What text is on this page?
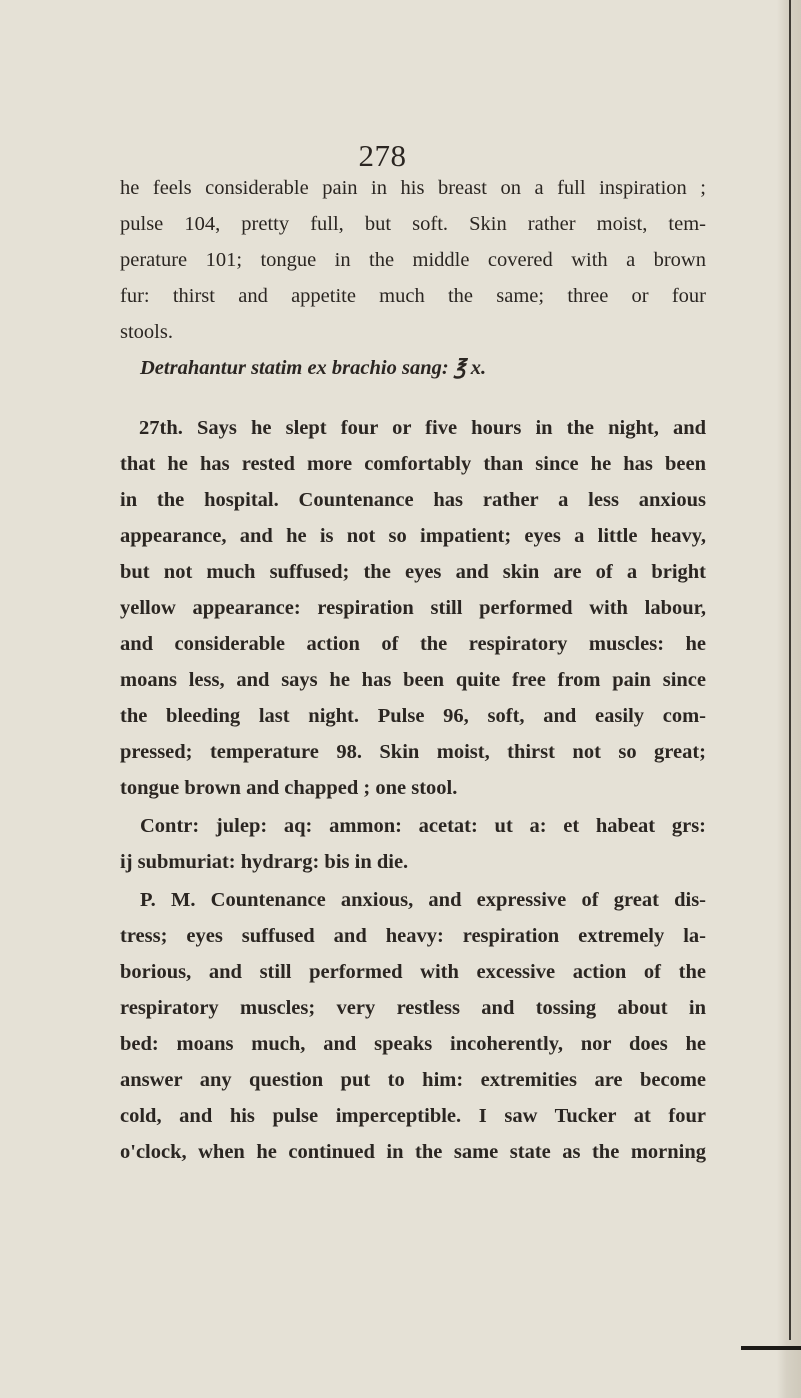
278
he feels considerable pain in his breast on a full inspiration ;
pulse 104, pretty full, but soft. Skin rather moist, tem-
perature 101; tongue in the middle covered with a brown
fur: thirst and appetite much the same; three or four
stools.
Detrahantur statim ex brachio sang: ℥ x.
27th. Says he slept four or five hours in the night, and
that he has rested more comfortably than since he has been
in the hospital. Countenance has rather a less anxious
appearance, and he is not so impatient; eyes a little heavy,
but not much suffused; the eyes and skin are of a bright
yellow appearance: respiration still performed with labour,
and considerable action of the respiratory muscles: he
moans less, and says he has been quite free from pain since
the bleeding last night. Pulse 96, soft, and easily com-
pressed; temperature 98. Skin moist, thirst not so great;
tongue brown and chapped ; one stool.
Contr: julep: aq: ammon: acetat: ut a: et habeat grs:
ij submuriat: hydrarg: bis in die.
P. M. Countenance anxious, and expressive of great dis-
tress; eyes suffused and heavy: respiration extremely la-
borious, and still performed with excessive action of the
respiratory muscles; very restless and tossing about in
bed: moans much, and speaks incoherently, nor does he
answer any question put to him: extremities are become
cold, and his pulse imperceptible. I saw Tucker at four
o'clock, when he continued in the same state as the morning
